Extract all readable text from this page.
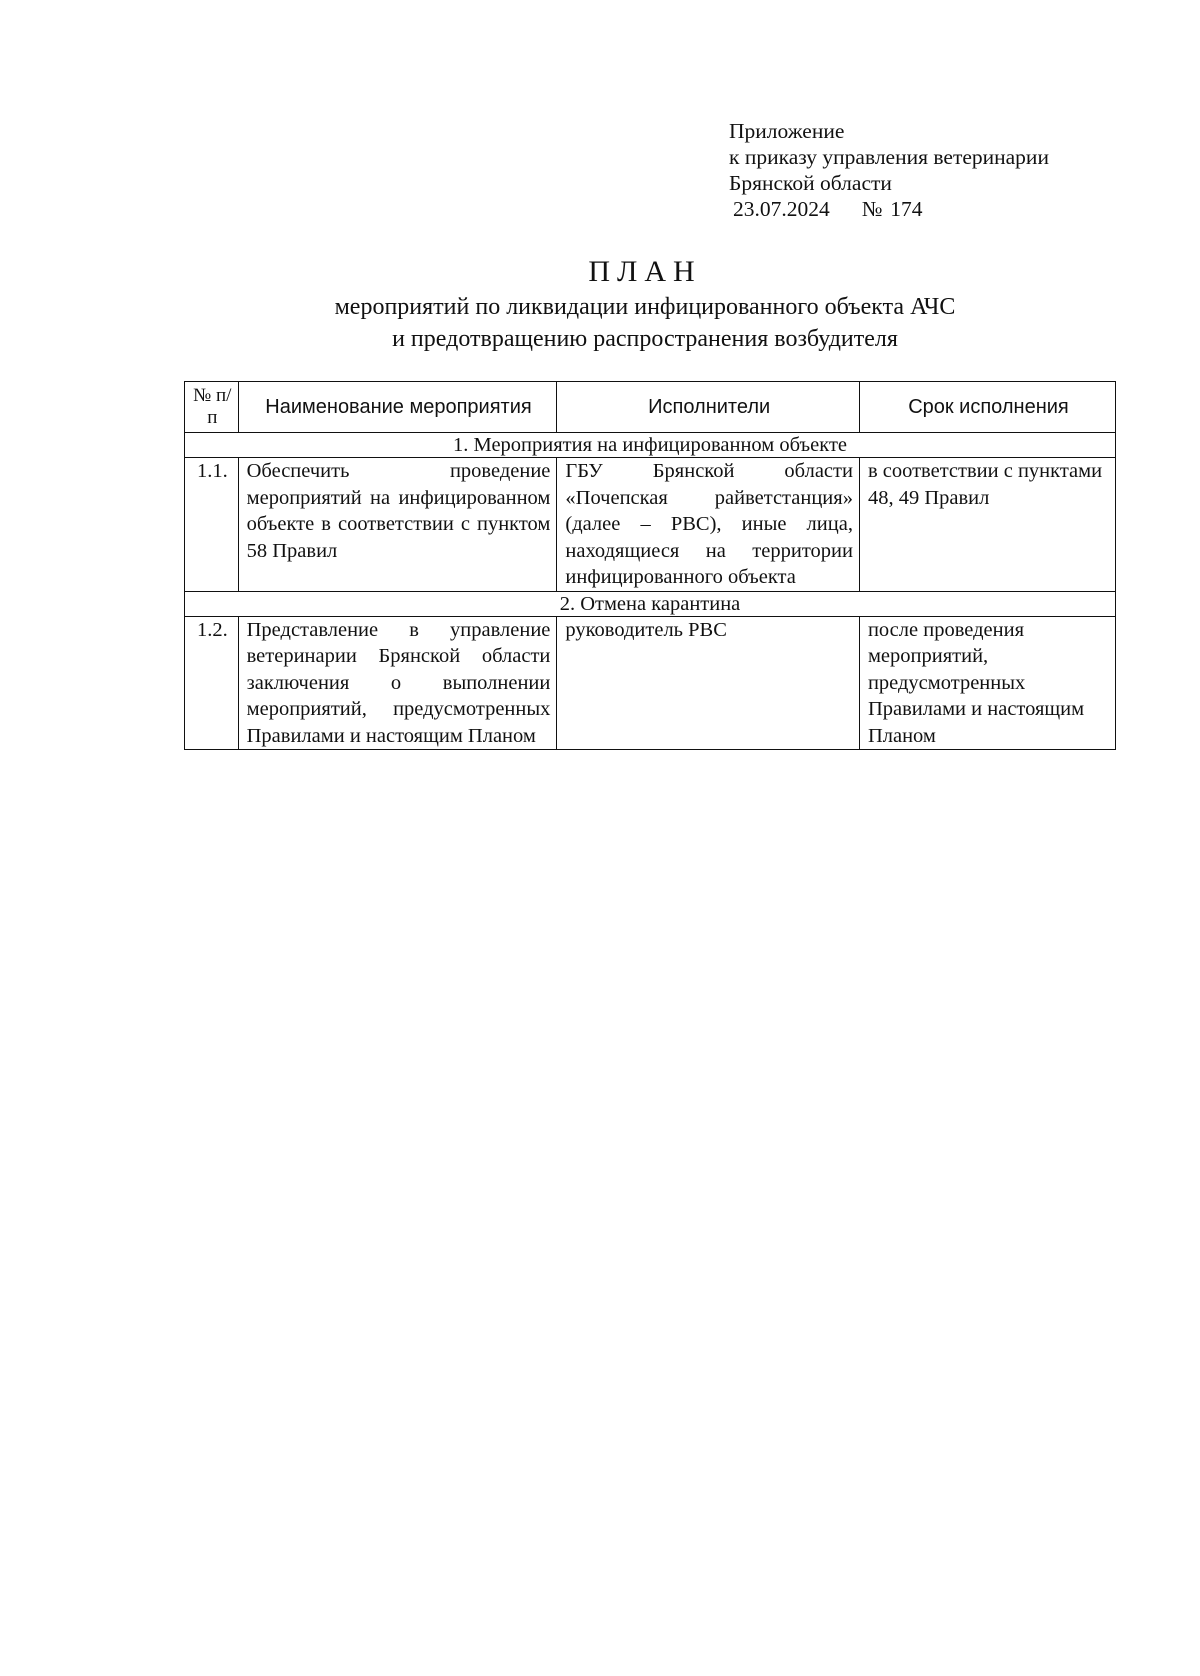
Приложение
к приказу управления ветеринарии
Брянской области
23.07.2024 № 174
ПЛАН
мероприятий по ликвидации инфицированного объекта АЧС
и предотвращению распространения возбудителя
№ п/п	Наименование мероприятия	Исполнители	Срок исполнения
1. Мероприятия на инфицированном объекте			
1.1.	Обеспечить проведение мероприятий на инфицированном объекте в соответствии с пунктом 58 Правил	ГБУ Брянской области «Почепская райветстанция» (далее – РВС), иные лица, находящиеся на территории инфицированного объекта	в соответствии с пунктами 48, 49 Правил
2. Отмена карантина			
1.2.	Представление в управление ветеринарии Брянской области заключения о выполнении мероприятий, предусмотренных Правилами и настоящим Планом	руководитель РВС	после проведения мероприятий, предусмотренных Правилами и настоящим Планом
